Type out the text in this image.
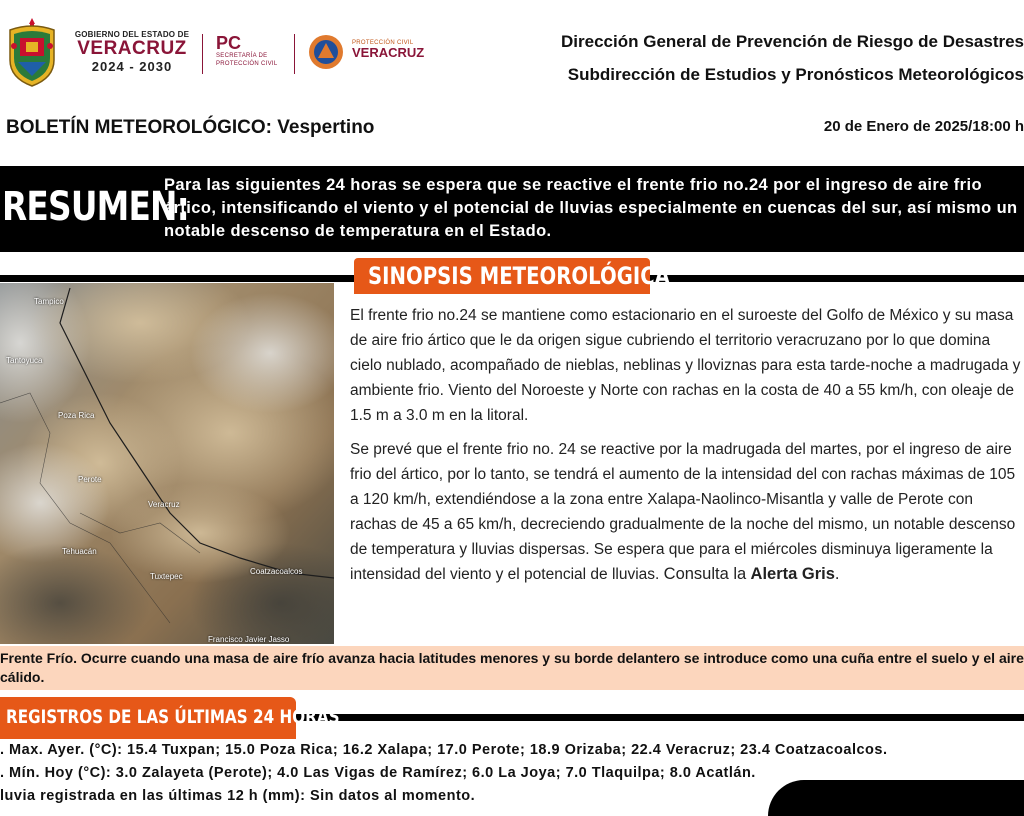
GOBIERNO DEL ESTADO DE
VERACRUZ
2024 - 2030
PC
SECRETARÍA DE
PROTECCIÓN CIVIL
PROTECCIÓN CIVIL
VERACRUZ
Dirección General de Prevención de Riesgo de Desastres
Subdirección de Estudios y Pronósticos Meteorológicos
BOLETÍN METEOROLÓGICO: Vespertino	20 de Enero de 2025/18:00 h
RESUMEN:
Para las siguientes 24 horas se espera que se reactive el frente frio no.24 por el ingreso de aire frio ártico, intensificando el viento y el potencial de lluvias especialmente en cuencas del sur, así mismo un notable descenso de temperatura en el Estado.
SINOPSIS METEOROLÓGICA
Tampico
Tantoyuca
Poza Rica
Perote
Veracruz
Tehuacán
Tuxtepec
Coatzacoalcos
Francisco Javier Jasso

El frente frio no.24 se mantiene como estacionario en el suroeste del Golfo de México y su masa de aire frio ártico que le da origen sigue cubriendo el territorio veracruzano por lo que domina cielo nublado, acompañado de nieblas, neblinas y lloviznas para esta tarde-noche a madrugada y ambiente frio. Viento del Noroeste y Norte con rachas en la costa de 40 a 55 km/h, con oleaje de 1.5 m a 3.0 m en la litoral.

Se prevé que el frente frio no. 24 se reactive por la madrugada del martes, por el ingreso de aire frio del ártico, por lo tanto, se tendrá el aumento de la intensidad del con rachas máximas de 105 a 120 km/h, extendiéndose a la zona entre Xalapa-Naolinco-Misantla y valle de Perote con rachas de 45 a 65 km/h, decreciendo gradualmente de la noche del mismo, un notable descenso de temperatura y lluvias dispersas. Se espera que para el miércoles disminuya ligeramente la intensidad del viento y el potencial de lluvias. Consulta la Alerta Gris.

Frente Frío. Ocurre cuando una masa de aire frío avanza hacia latitudes menores y su borde delantero se introduce como una cuña entre el suelo y el aire cálido.
REGISTROS DE LAS ÚLTIMAS 24 HORAS
. Max. Ayer. (°C): 15.4 Tuxpan; 15.0 Poza Rica; 16.2 Xalapa; 17.0 Perote; 18.9 Orizaba; 22.4 Veracruz; 23.4 Coatzacoalcos.
. Mín. Hoy (°C): 3.0 Zalayeta (Perote); 4.0 Las Vigas de Ramírez; 6.0 La Joya; 7.0 Tlaquilpa; 8.0 Acatlán.
luvia registrada en las últimas 12 h (mm): Sin datos al momento.
